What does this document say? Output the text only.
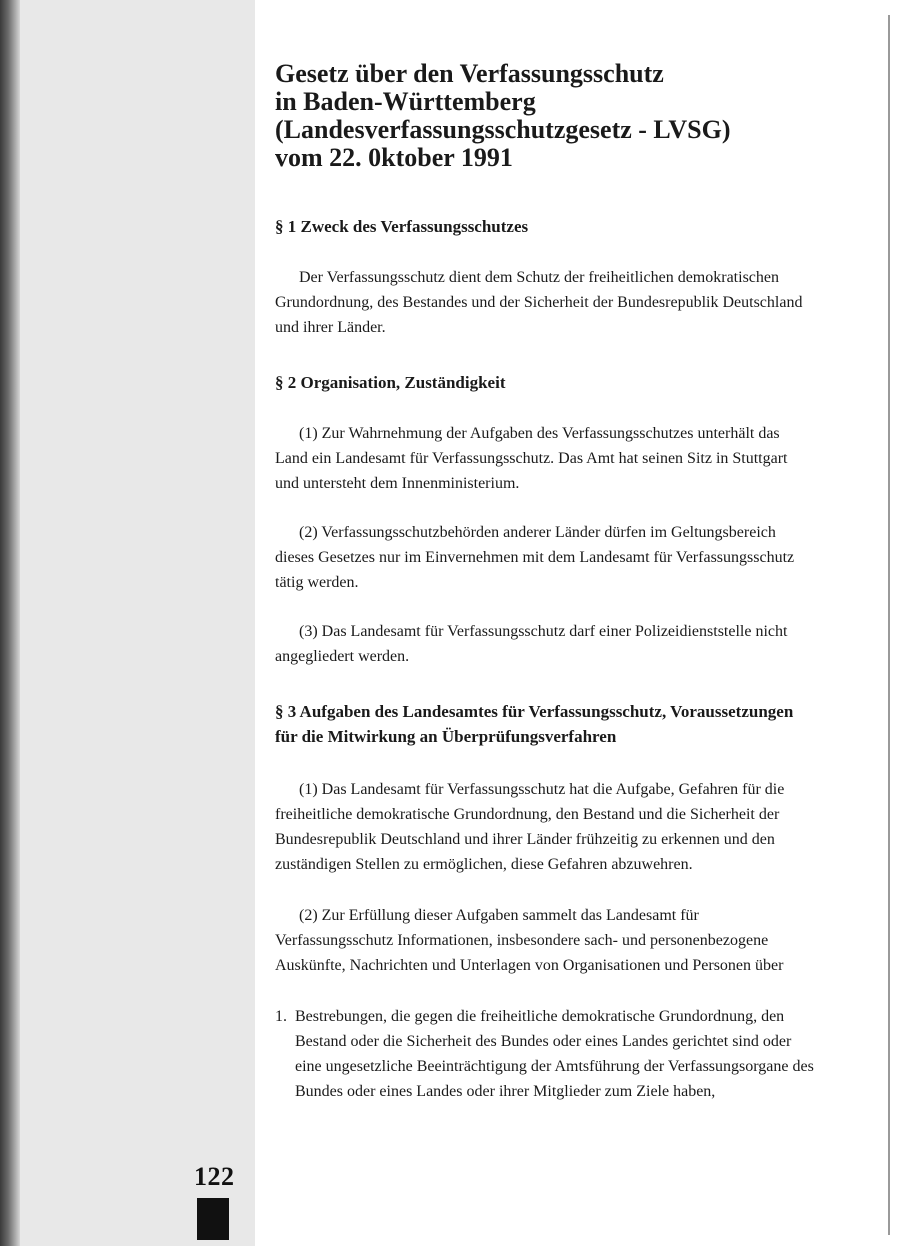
122
Gesetz über den Verfassungsschutz
in Baden-Württemberg
(Landesverfassungsschutzgesetz - LVSG)
vom 22. 0ktober 1991
§ 1 Zweck des Verfassungsschutzes
Der Verfassungsschutz dient dem Schutz der freiheitlichen demokratischen Grundordnung, des Bestandes und der Sicherheit der Bundesrepublik Deutschland und ihrer Länder.
§ 2 Organisation, Zuständigkeit
(1) Zur Wahrnehmung der Aufgaben des Verfassungsschutzes unterhält das Land ein Landesamt für Verfassungsschutz. Das Amt hat seinen Sitz in Stuttgart und untersteht dem Innenministerium.
(2) Verfassungsschutzbehörden anderer Länder dürfen im Geltungsbereich dieses Gesetzes nur im Einvernehmen mit dem Landesamt für Verfassungsschutz tätig werden.
(3) Das Landesamt für Verfassungsschutz darf einer Polizeidienststelle nicht angegliedert werden.
§ 3 Aufgaben des Landesamtes für Verfassungsschutz, Voraussetzungen für die Mitwirkung an Überprüfungsverfahren
(1) Das Landesamt für Verfassungsschutz hat die Aufgabe, Gefahren für die freiheitliche demokratische Grundordnung, den Bestand und die Sicherheit der Bundesrepublik Deutschland und ihrer Länder frühzeitig zu erkennen und den zuständigen Stellen zu ermöglichen, diese Gefahren abzuwehren.
(2) Zur Erfüllung dieser Aufgaben sammelt das Landesamt für Verfassungsschutz Informationen, insbesondere sach- und personenbezogene Auskünfte, Nachrichten und Unterlagen von Organisationen und Personen über
1. Bestrebungen, die gegen die freiheitliche demokratische Grundordnung, den Bestand oder die Sicherheit des Bundes oder eines Landes gerichtet sind oder eine ungesetzliche Beeinträchtigung der Amtsführung der Verfassungsorgane des Bundes oder eines Landes oder ihrer Mitglieder zum Ziele haben,
